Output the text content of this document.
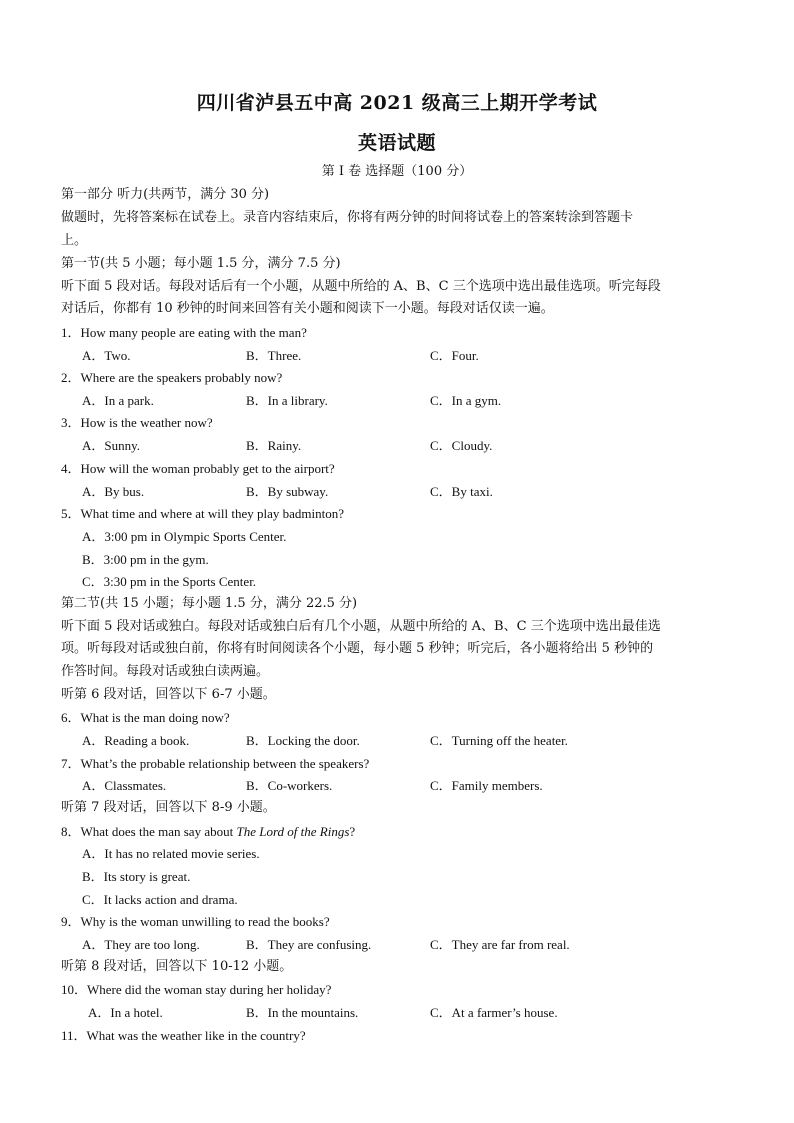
四川省泸县五中高 2021 级高三上期开学考试
英语试题
第 I 卷 选择题（100 分）
第一部分 听力(共两节，满分 30 分)
做题时，先将答案标在试卷上。录音内容结束后，你将有两分钟的时间将试卷上的答案转涂到答题卡
上。
第一节(共 5 小题；每小题 1.5 分，满分 7.5 分)
听下面 5 段对话。每段对话后有一个小题，从题中所给的 A、B、C 三个选项中选出最佳选项。听完每段
对话后，你都有 10 秒钟的时间来回答有关小题和阅读下一小题。每段对话仅读一遍。
1．How many people are eating with the man?
A．Two.	B．Three.	C．Four.
2．Where are the speakers probably now?
A．In a park.	B．In a library.	C．In a gym.
3．How is the weather now?
A．Sunny.	B．Rainy.	C．Cloudy.
4．How will the woman probably get to the airport?
A．By bus.	B．By subway.	C．By taxi.
5．What time and where at will they play badminton?
A．3:00 pm in Olympic Sports Center.
B．3:00 pm in the gym.
C．3:30 pm in the Sports Center.
第二节(共 15 小题；每小题 1.5 分，满分 22.5 分)
听下面 5 段对话或独白。每段对话或独白后有几个小题，从题中所给的 A、B、C 三个选项中选出最佳选
项。听每段对话或独白前，你将有时间阅读各个小题，每小题 5 秒钟；听完后，各小题将给出 5 秒钟的
作答时间。每段对话或独白读两遍。
听第 6 段对话，回答以下 6-7 小题。
6．What is the man doing now?
A．Reading a book.	B．Locking the door.	C．Turning off the heater.
7．What’s the probable relationship between the speakers?
A．Classmates.	B．Co-workers.	C．Family members.
听第 7 段对话，回答以下 8-9 小题。
8．What does the man say about The Lord of the Rings?
A．It has no related movie series.
B．Its story is great.
C．It lacks action and drama.
9．Why is the woman unwilling to read the books?
A．They are too long.	B．They are confusing.	C．They are far from real.
听第 8 段对话，回答以下 10-12 小题。
10．Where did the woman stay during her holiday?
A．In a hotel.	B．In the mountains.	C．At a farmer’s house.
11．What was the weather like in the country?
